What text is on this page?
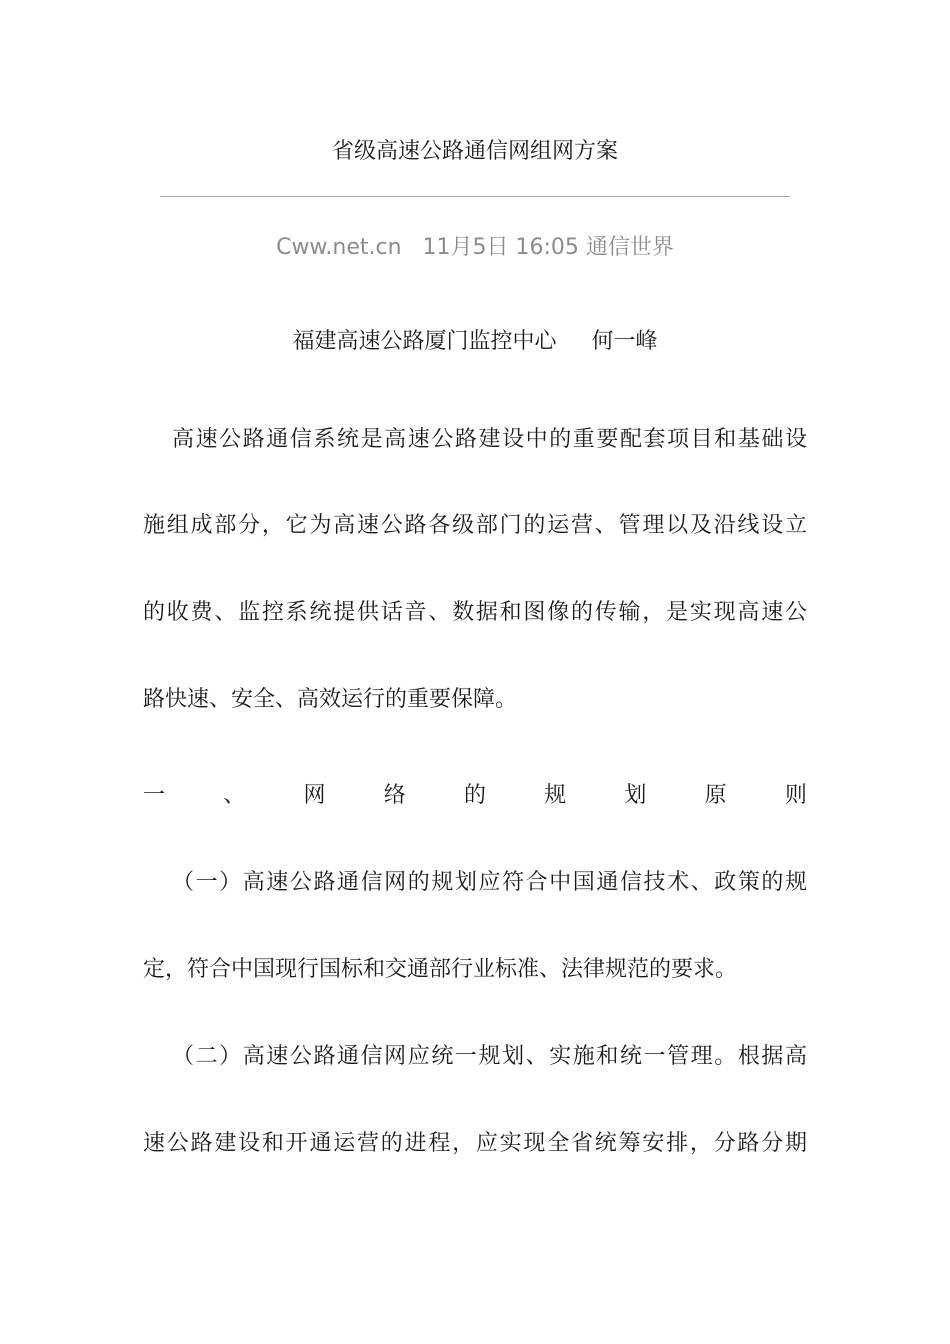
省级高速公路通信网组网方案
Cww.net.cn   11月5日 16:05 通信世界
福建高速公路厦门监控中心     何一峰
高速公路通信系统是高速公路建设中的重要配套项目和基础设
施组成部分，它为高速公路各级部门的运营、管理以及沿线设立
的收费、监控系统提供话音、数据和图像的传输，是实现高速公
路快速、安全、高效运行的重要保障。
一	、	网	络	的	规	划	原	则
（一）高速公路通信网的规划应符合中国通信技术、政策的规
定，符合中国现行国标和交通部行业标准、法律规范的要求。
（二）高速公路通信网应统一规划、实施和统一管理。根据高
速公路建设和开通运营的进程，应实现全省统筹安排，分路分期
